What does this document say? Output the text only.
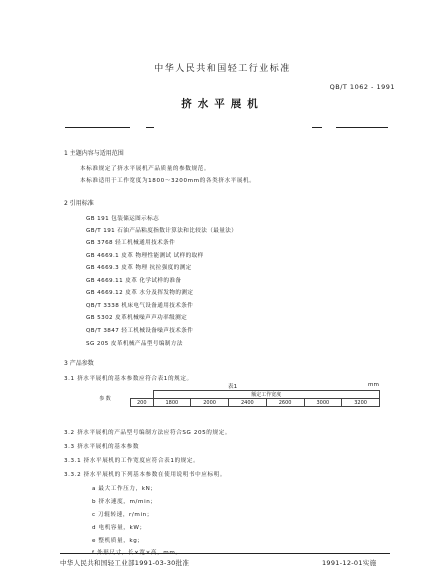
中华人民共和国轻工行业标准
QB/T 1062 - 1991
挤水平展机
1 主题内容与适用范围
本标准规定了挤水平展机产品质量的参数规范。
本标准适用于工作宽度为1800～3200mm的各类挤水平展机。
2 引用标准
GB 191 包装储运图示标志
GB/T 191 石油产品粘度指数计算法和比较法（最量法）
GB 3768 轻工机械通用技术条件
GB 4669.1 皮革 物理性能测试 试样的取样
GB 4669.3 皮革 物理 抗拉强度的测定
GB 4669.11 皮革 化学试样的准备
GB 4669.12 皮革 水分及挥发物的测定
QB/T 3338 机床电气设备通用技术条件
GB 5302 皮革机械噪声声功率级测定
QB/T 3847 轻工机械设备噪声技术条件
SG 205 皮革机械产品型号编制方法
3 产品参数
3.1 挤水平展机的基本参数应符合表1的规定。
表1	mm
参 数		额定工作宽度					
	200	1800	2000	2400	2600	3000	3200
3.2 挤水平展机的产品型号编制方法应符合SG 205的规定。
3.3 挤水平展机的基本参数
3.3.1 挤水平展机的工作宽度应符合表1的规定。
3.3.2 挤水平展机的下列基本参数在使用说明书中应标明。
a 最大工作压力，kN；
b 挤水速度，m/min；
c 刀辊转速，r/min；
d 电机容量，kW；
e 整机质量，kg；
f 外形尺寸，长×宽×高，mm。
中华人民共和国轻工业部1991-03-30批准	1991-12-01实施
